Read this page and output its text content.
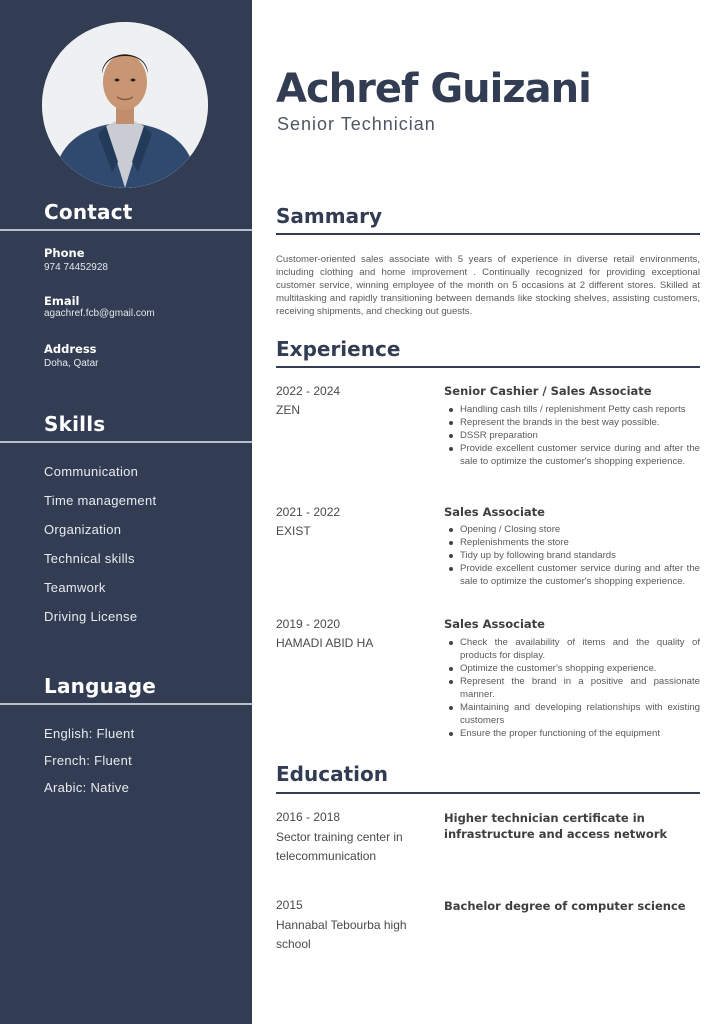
Contact
Phone
974 74452928
Email
agachref.fcb@gmail.com
Address
Doha, Qatar
Skills
Communication
Time management
Organization
Technical skills
Teamwork
Driving License
Language
English: Fluent
French: Fluent
Arabic: Native
Achref Guizani
Senior Technician
Sammary

Customer-oriented sales associate with 5 years of experience in diverse retail environments, including clothing and home improvement . Continually recognized for providing exceptional customer service, winning employee of the month on 5 occasions at 2 different stores. Skilled at multitasking and rapidly transitioning between demands like stocking shelves, assisting customers, receiving shipments, and checking out guests.

Experience
2022 - 2024
ZEN
Senior Cashier / Sales Associate
Handling cash tills / replenishment Petty cash reports
Represent the brands in the best way possible.
DSSR preparation
Provide excellent customer service during and after the sale to optimize the customer's shopping experience.
2021 - 2022
EXIST
Sales Associate
Opening / Closing store
Replenishments the store
Tidy up by following brand standards
Provide excellent customer service during and after the sale to optimize the customer's shopping experience.
2019 - 2020
HAMADI ABID HA
Sales Associate
Check the availability of items and the quality of products for display.
Optimize the customer's shopping experience.
Represent the brand in a positive and passionate manner.
Maintaining and developing relationships with existing customers
Ensure the proper functioning of the equipment
Education
2016 - 2018
Sector training center in telecommunication
Higher technician certificate in infrastructure and access network
2015
Hannabal Tebourba high school
Bachelor degree of computer science
